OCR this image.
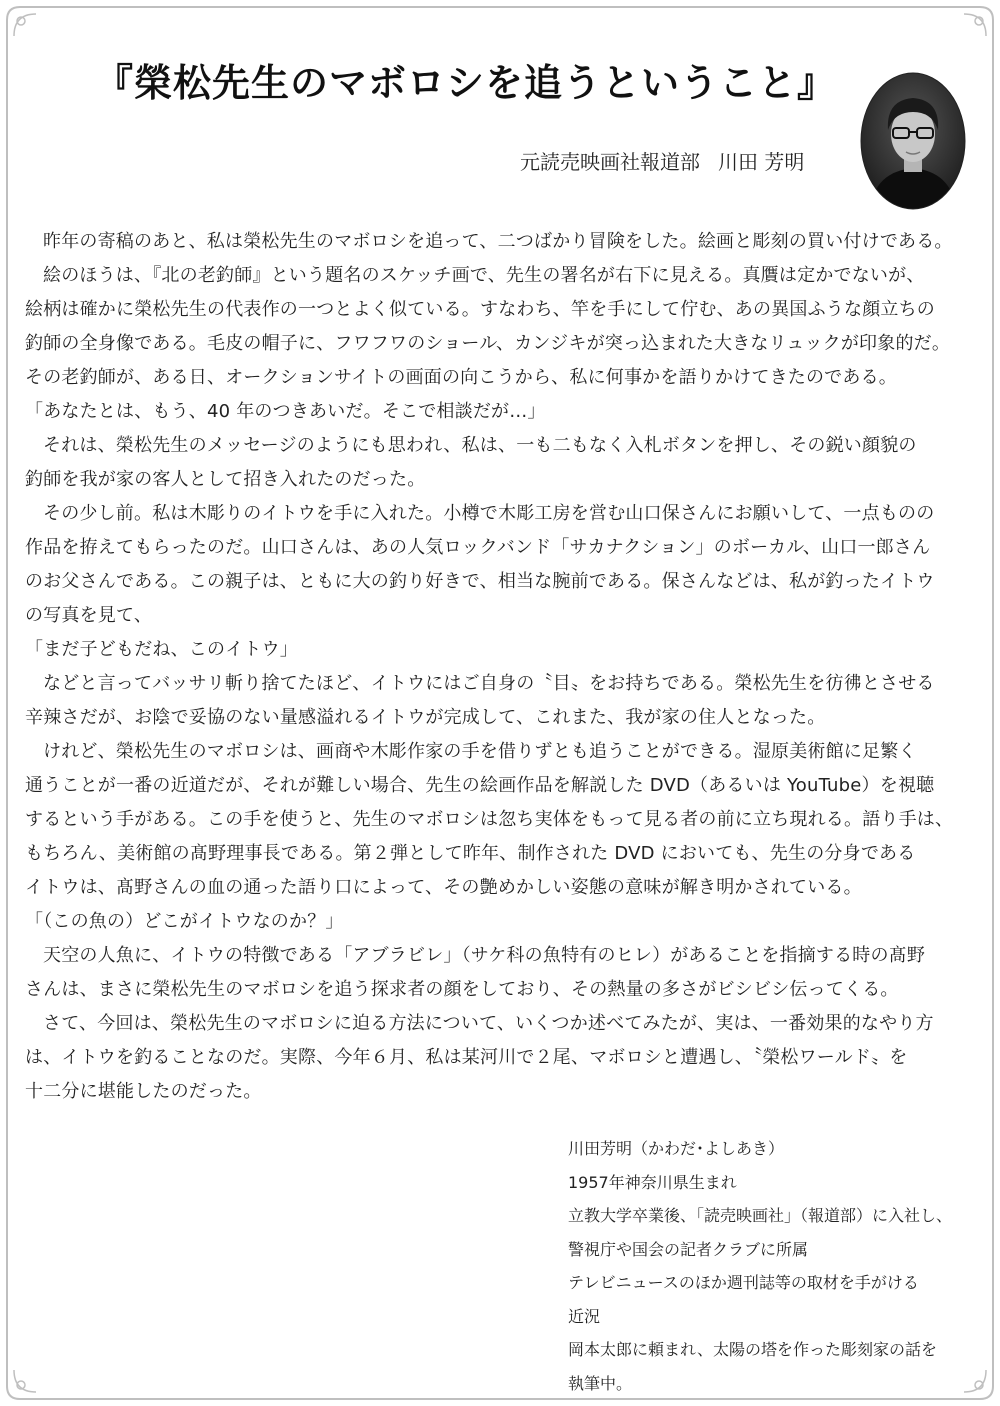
『榮松先生のマボロシを追うということ』
元読売映画社報道部 川田 芳明

昨年の寄稿のあと、私は榮松先生のマボロシを追って、二つばかり冒険をした。絵画と彫刻の買い付けである。

絵のほうは、『北の老釣師』という題名のスケッチ画で、先生の署名が右下に見える。真贋は定かでないが、

絵柄は確かに榮松先生の代表作の一つとよく似ている。すなわち、竿を手にして佇む、あの異国ふうな顔立ちの

釣師の全身像である。毛皮の帽子に、フワフワのショール、カンジキが突っ込まれた大きなリュックが印象的だ。

その老釣師が、ある日、オークションサイトの画面の向こうから、私に何事かを語りかけてきたのである。

「あなたとは、もう、40 年のつきあいだ。そこで相談だが…」

それは、榮松先生のメッセージのようにも思われ、私は、一も二もなく入札ボタンを押し、その鋭い顔貌の

釣師を我が家の客人として招き入れたのだった。

その少し前。私は木彫りのイトウを手に入れた。小樽で木彫工房を営む山口保さんにお願いして、一点ものの

作品を拵えてもらったのだ。山口さんは、あの人気ロックバンド「サカナクション」のボーカル、山口一郎さん

のお父さんである。この親子は、ともに大の釣り好きで、相当な腕前である。保さんなどは、私が釣ったイトウ

の写真を見て、

「まだ子どもだね、このイトウ」

などと言ってバッサリ斬り捨てたほど、イトウにはご自身の〝目〟をお持ちである。榮松先生を彷彿とさせる

辛辣さだが、お陰で妥協のない量感溢れるイトウが完成して、これまた、我が家の住人となった。

けれど、榮松先生のマボロシは、画商や木彫作家の手を借りずとも追うことができる。湿原美術館に足繁く

通うことが一番の近道だが、それが難しい場合、先生の絵画作品を解説した DVD（あるいは YouTube）を視聴

するという手がある。この手を使うと、先生のマボロシは忽ち実体をもって見る者の前に立ち現れる。語り手は、

もちろん、美術館の髙野理事長である。第２弾として昨年、制作された DVD においても、先生の分身である

イトウは、髙野さんの血の通った語り口によって、その艶めかしい姿態の意味が解き明かされている。

「（この魚の）どこがイトウなのか？」

天空の人魚に、イトウの特徴である「アブラビレ」（サケ科の魚特有のヒレ）があることを指摘する時の髙野

さんは、まさに榮松先生のマボロシを追う探求者の顔をしており、その熱量の多さがビシビシ伝ってくる。

さて、今回は、榮松先生のマボロシに迫る方法について、いくつか述べてみたが、実は、一番効果的なやり方

は、イトウを釣ることなのだ。実際、今年６月、私は某河川で２尾、マボロシと遭遇し、〝榮松ワールド〟を

十二分に堪能したのだった。

川田芳明（かわだ･よしあき）

1957年神奈川県生まれ

立教大学卒業後、「読売映画社」（報道部）に入社し、

警視庁や国会の記者クラブに所属

テレビニュースのほか週刊誌等の取材を手がける

近況

岡本太郎に頼まれ、太陽の塔を作った彫刻家の話を

執筆中。
